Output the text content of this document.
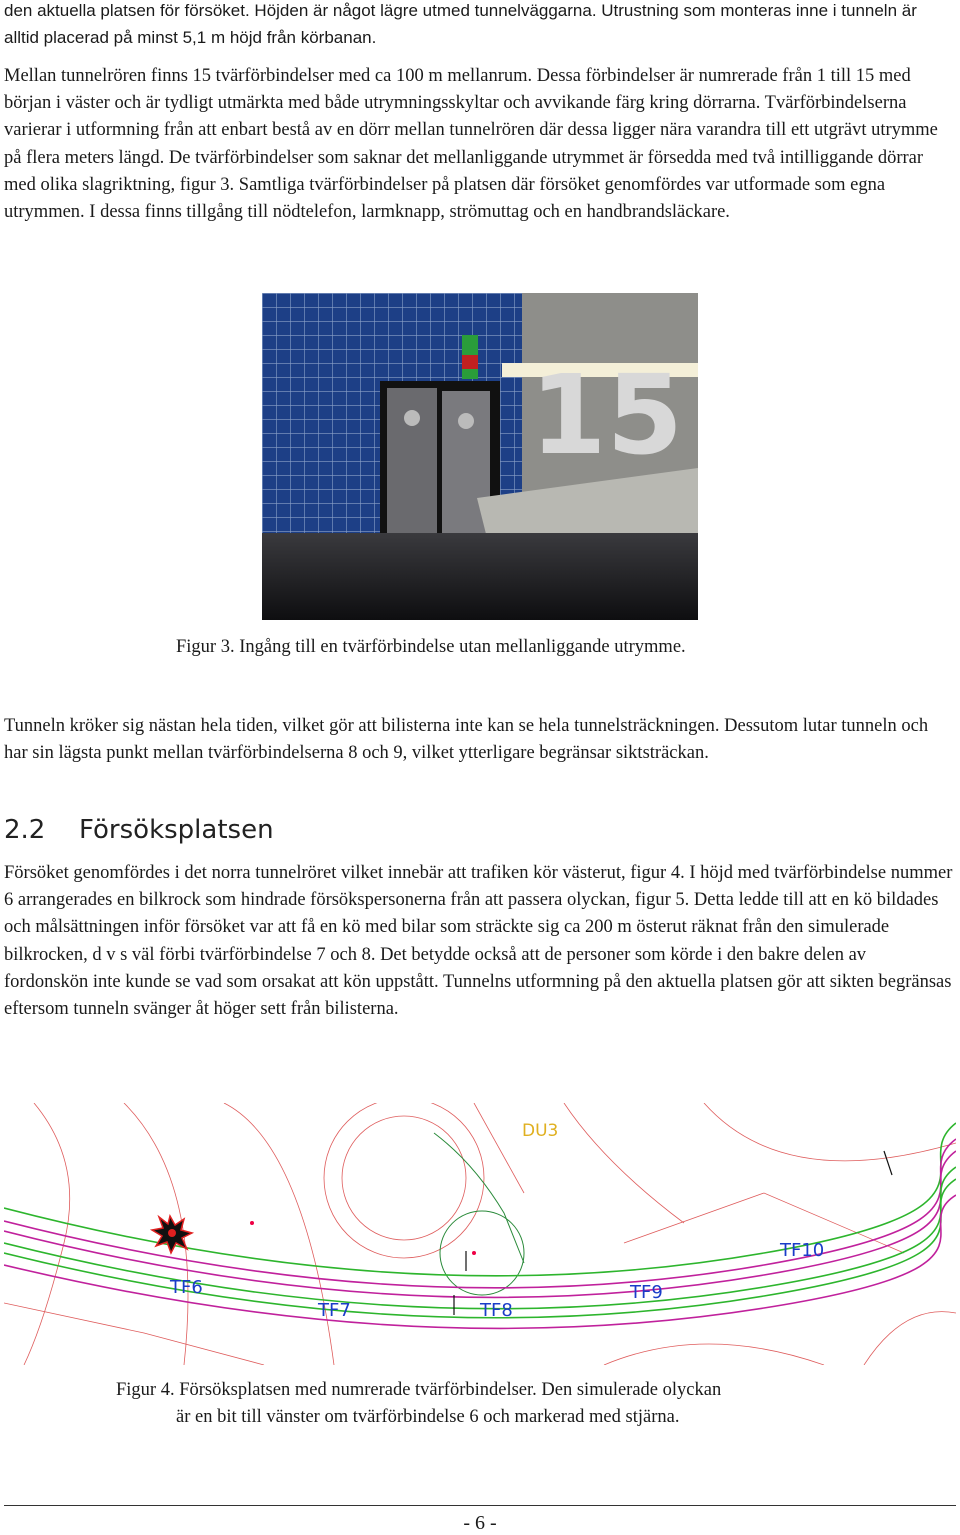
den aktuella platsen för försöket. Höjden är något lägre utmed tunnelväggarna. Utrustning som monteras inne i tunneln är alltid placerad på minst 5,1 m höjd från körbanan.

Mellan tunnelrören finns 15 tvärförbindelser med ca 100 m mellanrum. Dessa förbindelser är numrerade från 1 till 15 med början i väster och är tydligt utmärkta med både utrymningsskyltar och avvikande färg kring dörrarna. Tvärförbindelserna varierar i utformning från att enbart bestå av en dörr mellan tunnelrören där dessa ligger nära varandra till ett utgrävt utrymme på flera meters längd. De tvärförbindelser som saknar det mellanliggande utrymmet är försedda med två intilliggande dörrar med olika slagriktning, figur 3. Samtliga tvärförbindelser på platsen där försöket genomfördes var utformade som egna utrymmen. I dessa finns tillgång till nödtelefon, larmknapp, strömuttag och en handbrandsläckare.

15

Figur 3. Ingång till en tvärförbindelse utan mellanliggande utrymme.

Tunneln kröker sig nästan hela tiden, vilket gör att bilisterna inte kan se hela tunnelsträckningen. Dessutom lutar tunneln och har sin lägsta punkt mellan tvärförbindelserna 8 och 9, vilket ytterligare begränsar siktsträckan.

2.2 Försöksplatsen

Försöket genomfördes i det norra tunnelröret vilket innebär att trafiken kör västerut, figur 4. I höjd med tvärförbindelse nummer 6 arrangerades en bilkrock som hindrade försökspersonerna från att passera olyckan, figur 5. Detta ledde till att en kö bildades och målsättningen inför försöket var att få en kö med bilar som sträckte sig ca 200 m österut räknat från den simulerade bilkrocken, d v s väl förbi tvärförbindelse 7 och 8. Det betydde också att de personer som körde i den bakre delen av fordonskön inte kunde se vad som orsakat att kön uppstått. Tunnelns utformning på den aktuella platsen gör att sikten begränsas eftersom tunneln svänger åt höger sett från bilisterna.

DU3
TF6
TF7	TF8
TF9
TF10

Figur 4. Försöksplatsen med numrerade tvärförbindelser. Den simulerade olyckan
är en bit till vänster om tvärförbindelse 6 och markerad med stjärna.

- 6 -
